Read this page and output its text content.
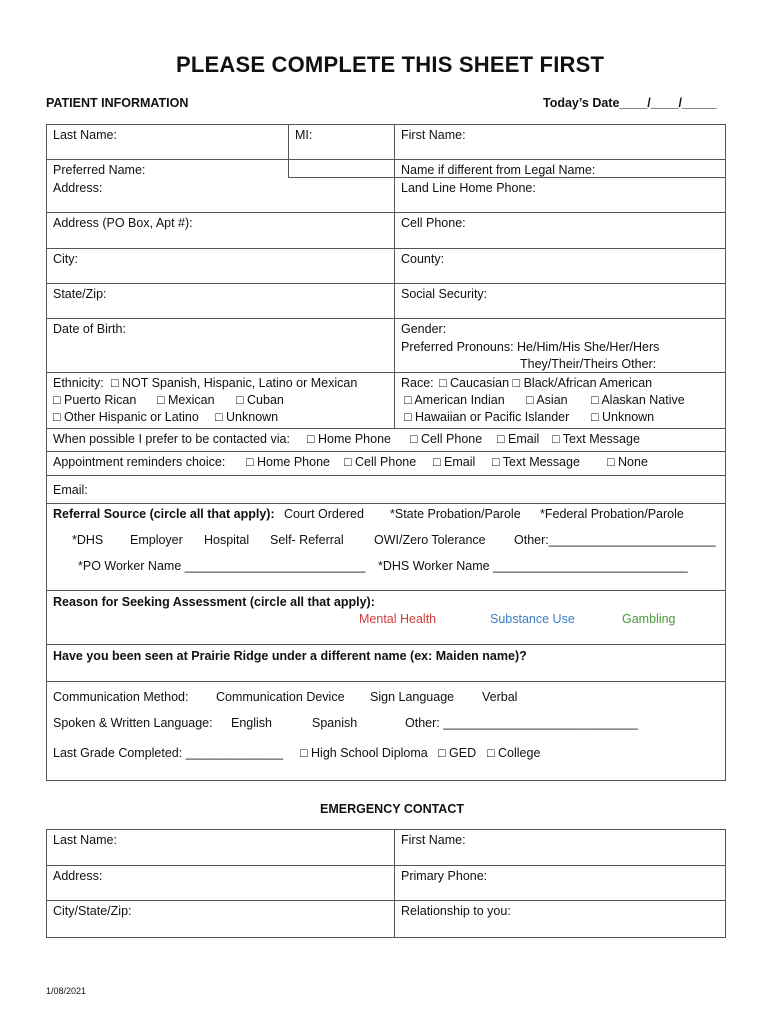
PLEASE COMPLETE THIS SHEET FIRST
PATIENT INFORMATION	Today’s Date____/____/_____
Last Name:	MI:	First Name:
Preferred Name:	Name if different from Legal Name:
Address:	Land Line Home Phone:
Address (PO Box, Apt #):	Cell Phone:
City:	County:
State/Zip:	Social Security:
Date of Birth:	Gender:
Preferred Pronouns: He/Him/His She/Her/Hers
They/Their/Theirs Other:
Ethnicity: □ NOT Spanish, Hispanic, Latino or Mexican
□ Puerto Rican □ Mexican □ Cuban
□ Other Hispanic or Latino □ Unknown
Race: □ Caucasian □ Black/African American
□ American Indian □ Asian □ Alaskan Native
□ Hawaiian or Pacific Islander □ Unknown
When possible I prefer to be contacted via: □ Home Phone □ Cell Phone □ Email □ Text Message
Appointment reminders choice: □ Home Phone □ Cell Phone □ Email □ Text Message □ None
Email:
Referral Source (circle all that apply): Court Ordered *State Probation/Parole *Federal Probation/Parole
*DHS Employer Hospital Self- Referral OWI/Zero Tolerance Other:________________________
*PO Worker Name __________________________ *DHS Worker Name ____________________________
Reason for Seeking Assessment (circle all that apply):
Mental Health	Substance Use	Gambling
Have you been seen at Prairie Ridge under a different name (ex: Maiden name)?
Communication Method: Communication Device Sign Language Verbal
Spoken & Written Language: English	Spanish	Other: ____________________________
Last Grade Completed: ______________ □ High School Diploma □ GED □ College
EMERGENCY CONTACT
Last Name:	First Name:
Address:	Primary Phone:
City/State/Zip:	Relationship to you:
1/08/2021
